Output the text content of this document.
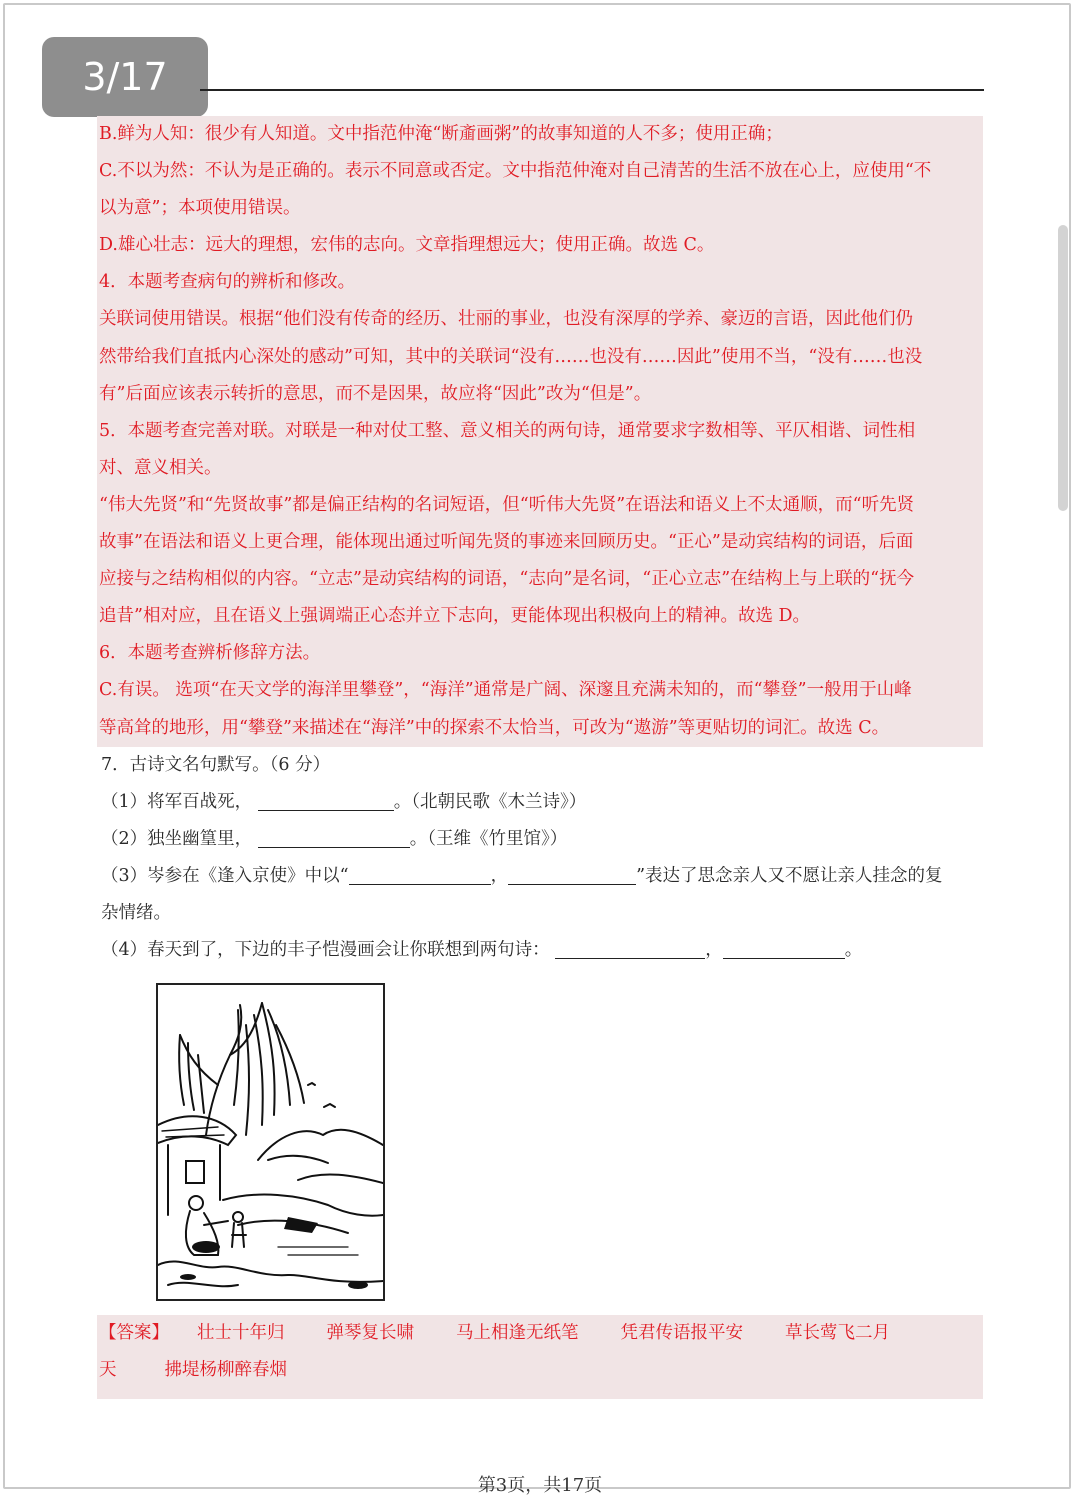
3/17
B.鲜为人知：很少有人知道。文中指范仲淹“断齑画粥”的故事知道的人不多；使用正确；
C.不以为然：不认为是正确的。表示不同意或否定。文中指范仲淹对自己清苦的生活不放在心上，应使用“不
以为意”；本项使用错误。
D.雄心壮志：远大的理想，宏伟的志向。文章指理想远大；使用正确。故选 C。
4．本题考查病句的辨析和修改。
关联词使用错误。根据“他们没有传奇的经历、壮丽的事业，也没有深厚的学养、豪迈的言语，因此他们仍
然带给我们直抵内心深处的感动”可知，其中的关联词“没有……也没有……因此”使用不当，“没有……也没
有”后面应该表示转折的意思，而不是因果，故应将“因此”改为“但是”。
5．本题考查完善对联。对联是一种对仗工整、意义相关的两句诗，通常要求字数相等、平仄相谐、词性相
对、意义相关。
“伟大先贤”和“先贤故事”都是偏正结构的名词短语，但“听伟大先贤”在语法和语义上不太通顺，而“听先贤
故事”在语法和语义上更合理，能体现出通过听闻先贤的事迹来回顾历史。“正心”是动宾结构的词语，后面
应接与之结构相似的内容。“立志”是动宾结构的词语，“志向”是名词，“正心立志”在结构上与上联的“抚今
追昔”相对应，且在语义上强调端正心态并立下志向，更能体现出积极向上的精神。故选 D。
6．本题考查辨析修辞方法。
C.有误。 选项“在天文学的海洋里攀登”，“海洋”通常是广阔、深邃且充满未知的，而“攀登”一般用于山峰
等高耸的地形，用“攀登”来描述在“海洋”中的探索不太恰当，可改为“遨游”等更贴切的词汇。故选 C。
7．古诗文名句默写。（6 分）
（1）将军百战死，	。（北朝民歌《木兰诗》）
（2）独坐幽篁里，	。（王维《竹里馆》）
（3）岑参在《逢入京使》中以“	，	”表达了思念亲人又不愿让亲人挂念的复
杂情绪。
（4）春天到了，下边的丰子恺漫画会让你联想到两句诗：	，	。
【答案】 壮士十年归 弹琴复长啸 马上相逢无纸笔 凭君传语报平安 草长莺飞二月
天	拂堤杨柳醉春烟
第3页，共17页
